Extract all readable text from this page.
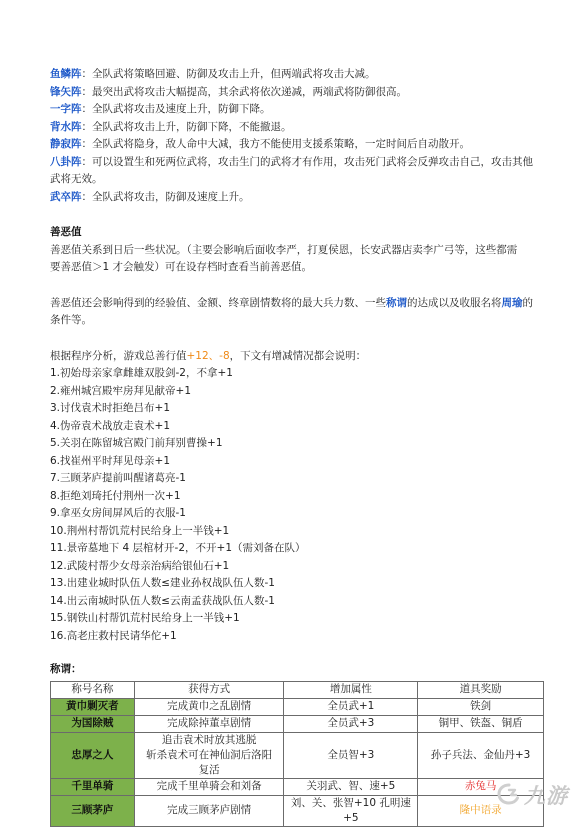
鱼鳞阵：全队武将策略回避、防御及攻击上升，但两端武将攻击大减。
锋矢阵：最突出武将攻击大幅提高，其余武将依次递减，两端武将防御很高。
一字阵：全队武将攻击及速度上升，防御下降。
背水阵：全队武将攻击上升，防御下降，不能撤退。
静寂阵：全队武将隐身，敌人命中大减，我方不能使用支援系策略，一定时间后自动散开。
八卦阵：可以设置生和死两位武将，攻击生门的武将才有作用，攻击死门武将会反弹攻击自己，攻击其他
武将无效。
武卒阵：全队武将攻击，防御及速度上升。
善恶值
善恶值关系到日后一些状况。（主要会影响后面收李严，打夏侯恩，长安武器店卖李广弓等，这些都需
要善恶值＞1 才会触发）可在设存档时查看当前善恶值。
善恶值还会影响得到的经验值、金额、终章剧情数将的最大兵力数、一些称谓的达成以及收服名将周瑜的
条件等。
根据程序分析，游戏总善行值+12、-8，下文有增减情况都会说明：
1.初始母亲家拿雌雄双股剑-2，不拿+1
2.雍州城宫殿牢房拜见献帝+1
3.讨伐袁术时拒绝吕布+1
4.伪帝袁术战放走袁术+1
5.关羽在陈留城宫殿门前拜别曹操+1
6.找崔州平时拜见母亲+1
7.三顾茅庐提前叫醒诸葛亮-1
8.拒绝刘琦托付荆州一次+1
9.拿巫女房间屏风后的衣服-1
10.荆州村帮饥荒村民给身上一半钱+1
11.景帝墓地下 4 层棺材开-2，不开+1（需刘备在队）
12.武陵村帮少女母亲治病给银仙石+1
13.出建业城时队伍人数≤建业孙权战队伍人数-1
14.出云南城时队伍人数≤云南孟获战队伍人数-1
15.钢铁山村帮饥荒村民给身上一半钱+1
16.高老庄救村民请华佗+1
称谓：
称号名称	获得方式	增加属性	道具奖励
黄巾剿灭者	完成黄巾之乱剧情	全员武+1	铁剑
为国除贼	完成除掉董卓剧情	全员武+3	铜甲、铁盔、铜盾
忠厚之人	追击袁术时放其逃脱
斩杀袁术可在神仙洞后洛阳
复活	全员智+3	孙子兵法、金仙丹+3
千里单骑	完成千里单骑会和刘备	关羽武、智、速+5	赤兔马
三顾茅庐	完成三顾茅庐剧情	刘、关、张智+10 孔明速+5	隆中语录
九游
